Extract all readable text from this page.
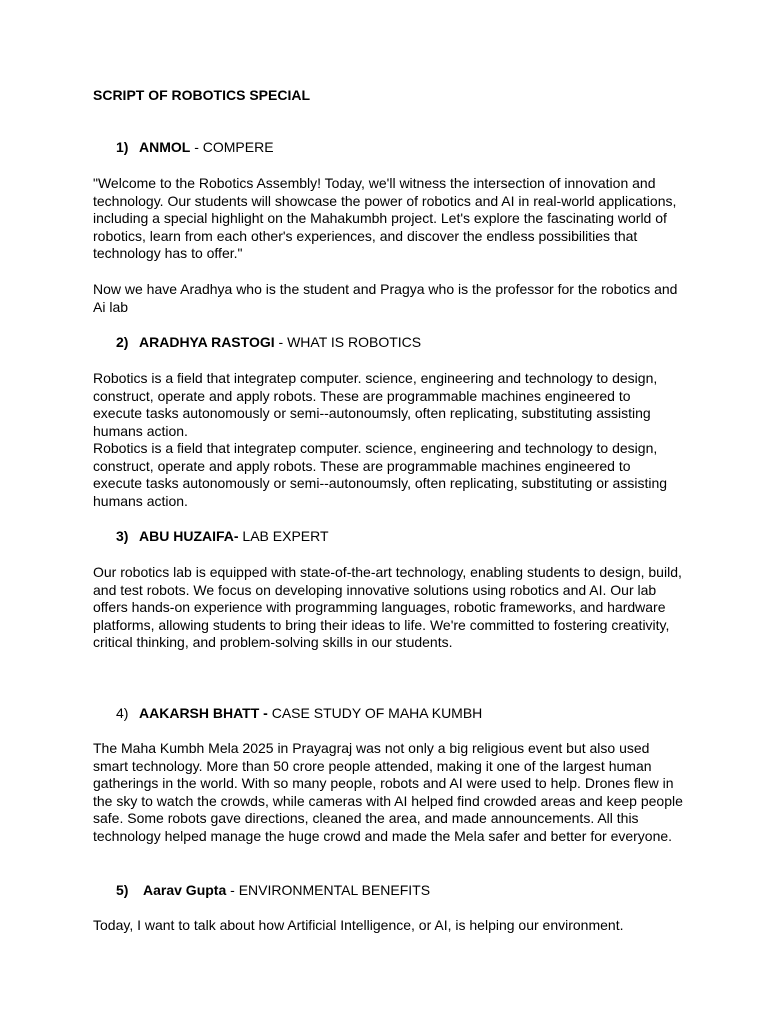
SCRIPT OF ROBOTICS SPECIAL
1) ANMOL - COMPERE

"Welcome to the Robotics Assembly! Today, we'll witness the intersection of innovation and technology. Our students will showcase the power of robotics and AI in real-world applications, including a special highlight on the Mahakumbh project. Let's explore the fascinating world of robotics, learn from each other's experiences, and discover the endless possibilities that technology has to offer."

Now we have Aradhya who is the student and Pragya who is the professor for the robotics and Ai lab

2) ARADHYA RASTOGI - WHAT IS ROBOTICS

Robotics is a field that integratep computer. science, engineering and technology to design, construct, operate and apply robots. These are programmable machines engineered to execute tasks autonomously or semi--autonoumsly, often replicating, substituting assisting humans action.

Robotics is a field that integratep computer. science, engineering and technology to design, construct, operate and apply robots. These are programmable machines engineered to execute tasks autonomously or semi--autonoumsly, often replicating, substituting or assisting humans action.

3) ABU HUZAIFA- LAB EXPERT

Our robotics lab is equipped with state-of-the-art technology, enabling students to design, build, and test robots. We focus on developing innovative solutions using robotics and AI. Our lab offers hands-on experience with programming languages, robotic frameworks, and hardware platforms, allowing students to bring their ideas to life. We're committed to fostering creativity, critical thinking, and problem-solving skills in our students.

4) AAKARSH BHATT - CASE STUDY OF MAHA KUMBH

The Maha Kumbh Mela 2025 in Prayagraj was not only a big religious event but also used smart technology. More than 50 crore people attended, making it one of the largest human gatherings in the world. With so many people, robots and AI were used to help. Drones flew in the sky to watch the crowds, while cameras with AI helped find crowded areas and keep people safe. Some robots gave directions, cleaned the area, and made announcements. All this technology helped manage the huge crowd and made the Mela safer and better for everyone.

5) Aarav Gupta - ENVIRONMENTAL BENEFITS

Today, I want to talk about how Artificial Intelligence, or AI, is helping our environment.
